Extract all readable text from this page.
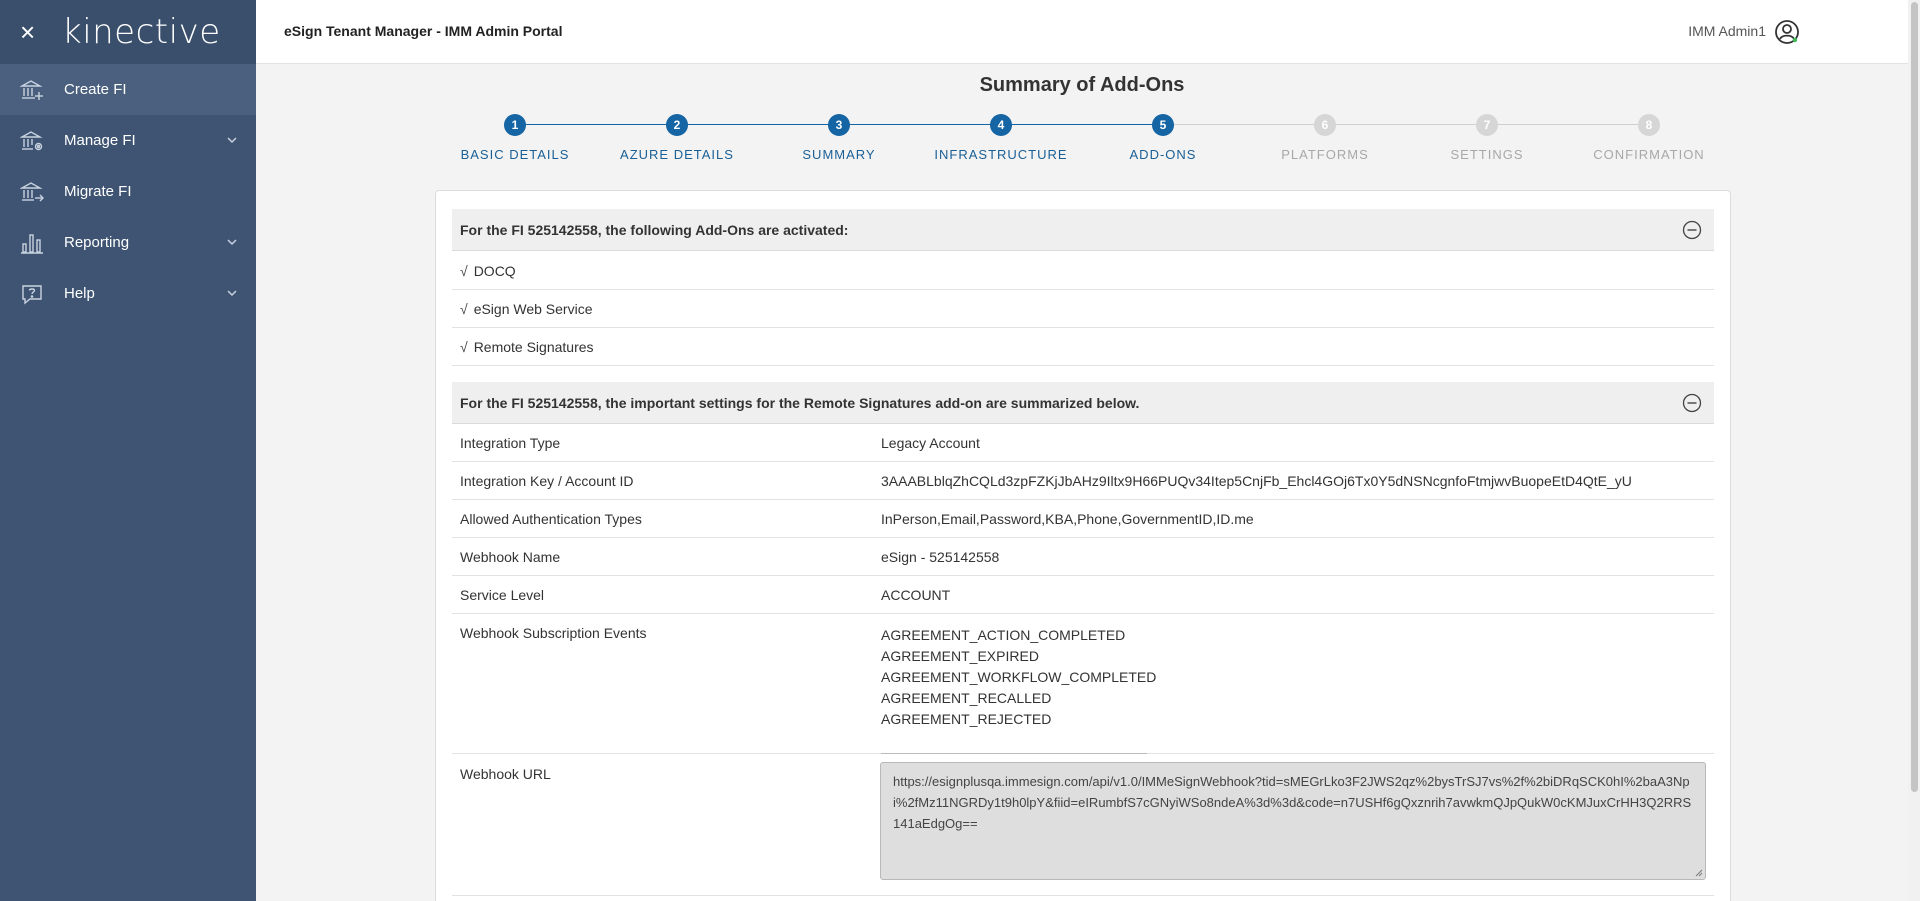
× kinective
Create FI
Manage FI
Migrate FI
Reporting
Help
eSign Tenant Manager - IMM Admin Portal	IMM Admin1
Summary of Add-Ons
1
BASIC DETAILS
2
AZURE DETAILS
3
SUMMARY
4
INFRASTRUCTURE
5
ADD-ONS
6
PLATFORMS
7
SETTINGS
8
CONFIRMATION
For the FI 525142558, the following Add-Ons are activated:
√ DOCQ
√ eSign Web Service
√ Remote Signatures
For the FI 525142558, the important settings for the Remote Signatures add-on are summarized below.
Integration Type	Legacy Account
Integration Key / Account ID	3AAABLblqZhCQLd3zpFZKjJbAHz9Iltx9H66PUQv34Itep5CnjFb_Ehcl4GOj6Tx0Y5dNSNcgnfoFtmjwvBuopeEtD4QtE_yU
Allowed Authentication Types	InPerson,Email,Password,KBA,Phone,GovernmentID,ID.me
Webhook Name	eSign - 525142558
Service Level	ACCOUNT
Webhook Subscription Events	AGREEMENT_ACTION_COMPLETED
AGREEMENT_EXPIRED
AGREEMENT_WORKFLOW_COMPLETED
AGREEMENT_RECALLED
AGREEMENT_REJECTED
Webhook URL	https://esignplusqa.immesign.com/api/v1.0/IMMeSignWebhook?tid=sMEGrLko3F2JWS2qz%2bysTrSJ7vs%2f%2biDRqSCK0hI%2baA3Npi%2fMz11NGRDy1t9h0lpY&fiid=eIRumbfS7cGNyiWSo8ndeA%3d%3d&code=n7USHf6gQxznrih7avwkmQJpQukW0cKMJuxCrHH3Q2RRS141aEdgOg==
